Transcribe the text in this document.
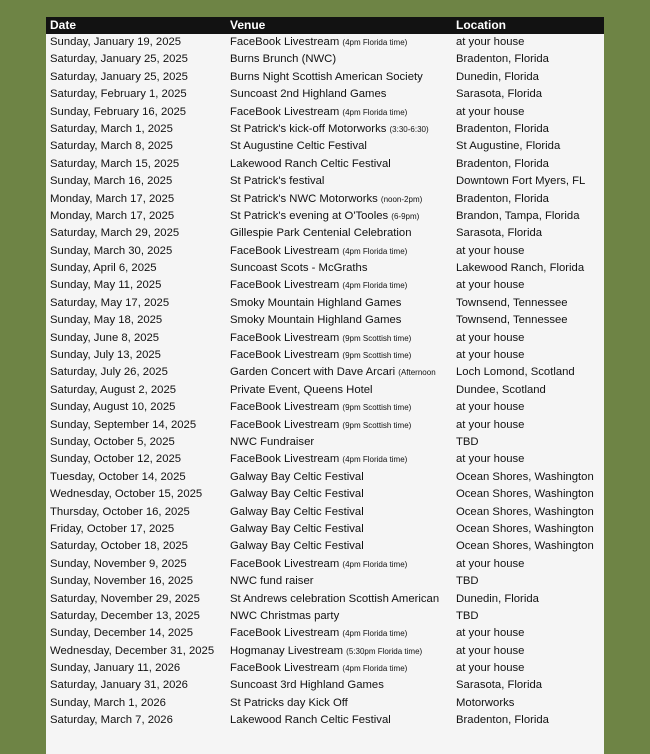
Date	Venue	Location
Sunday, January 19, 2025	FaceBook Livestream (4pm Florida time)	at your house
Saturday, January 25, 2025	Burns Brunch (NWC)	Bradenton, Florida
Saturday, January 25, 2025	Burns Night Scottish American Society	Dunedin, Florida
Saturday, February 1, 2025	Suncoast 2nd Highland Games	Sarasota, Florida
Sunday, February 16, 2025	FaceBook Livestream (4pm Florida time)	at your house
Saturday, March 1, 2025	St Patrick's kick-off Motorworks (3:30-6:30)	Bradenton, Florida
Saturday, March 8, 2025	St Augustine Celtic Festival	St Augustine, Florida
Saturday, March 15, 2025	Lakewood Ranch Celtic Festival	Bradenton, Florida
Sunday, March 16, 2025	St Patrick's festival	Downtown Fort Myers, FL
Monday, March 17, 2025	St Patrick's NWC Motorworks (noon-2pm)	Bradenton, Florida
Monday, March 17, 2025	St Patrick's evening at O'Tooles (6-9pm)	Brandon, Tampa, Florida
Saturday, March 29, 2025	Gillespie Park Centenial Celebration	Sarasota, Florida
Sunday, March 30, 2025	FaceBook Livestream (4pm Florida time)	at your house
Sunday, April 6, 2025	Suncoast Scots - McGraths	Lakewood Ranch, Florida
Sunday, May 11, 2025	FaceBook Livestream (4pm Florida time)	at your house
Saturday, May 17, 2025	Smoky Mountain Highland Games	Townsend, Tennessee
Sunday, May 18, 2025	Smoky Mountain Highland Games	Townsend, Tennessee
Sunday, June 8, 2025	FaceBook Livestream (9pm Scottish time)	at your house
Sunday, July 13, 2025	FaceBook Livestream (9pm Scottish time)	at your house
Saturday, July 26, 2025	Garden Concert with Dave Arcari (Afternoon	Loch Lomond, Scotland
Saturday, August 2, 2025	Private Event, Queens Hotel	Dundee, Scotland
Sunday, August 10, 2025	FaceBook Livestream (9pm Scottish time)	at your house
Sunday, September 14, 2025	FaceBook Livestream (9pm Scottish time)	at your house
Sunday, October 5, 2025	NWC Fundraiser	TBD
Sunday, October 12, 2025	FaceBook Livestream (4pm Florida time)	at your house
Tuesday, October 14, 2025	Galway Bay Celtic Festival	Ocean Shores, Washington
Wednesday, October 15, 2025	Galway Bay Celtic Festival	Ocean Shores, Washington
Thursday, October 16, 2025	Galway Bay Celtic Festival	Ocean Shores, Washington
Friday, October 17, 2025	Galway Bay Celtic Festival	Ocean Shores, Washington
Saturday, October 18, 2025	Galway Bay Celtic Festival	Ocean Shores, Washington
Sunday, November 9, 2025	FaceBook Livestream (4pm Florida time)	at your house
Sunday, November 16, 2025	NWC fund raiser	TBD
Saturday, November 29, 2025	St Andrews celebration Scottish American	Dunedin, Florida
Saturday, December 13, 2025	NWC Christmas party	TBD
Sunday, December 14, 2025	FaceBook Livestream (4pm Florida time)	at your house
Wednesday, December 31, 2025	Hogmanay Livestream (5:30pm Florida time)	at your house
Sunday, January 11, 2026	FaceBook Livestream (4pm Florida time)	at your house
Saturday, January 31, 2026	Suncoast 3rd Highland Games	Sarasota, Florida
Sunday, March 1, 2026	St Patricks day Kick Off	Motorworks
Saturday, March 7, 2026	Lakewood Ranch Celtic Festival	Bradenton, Florida
